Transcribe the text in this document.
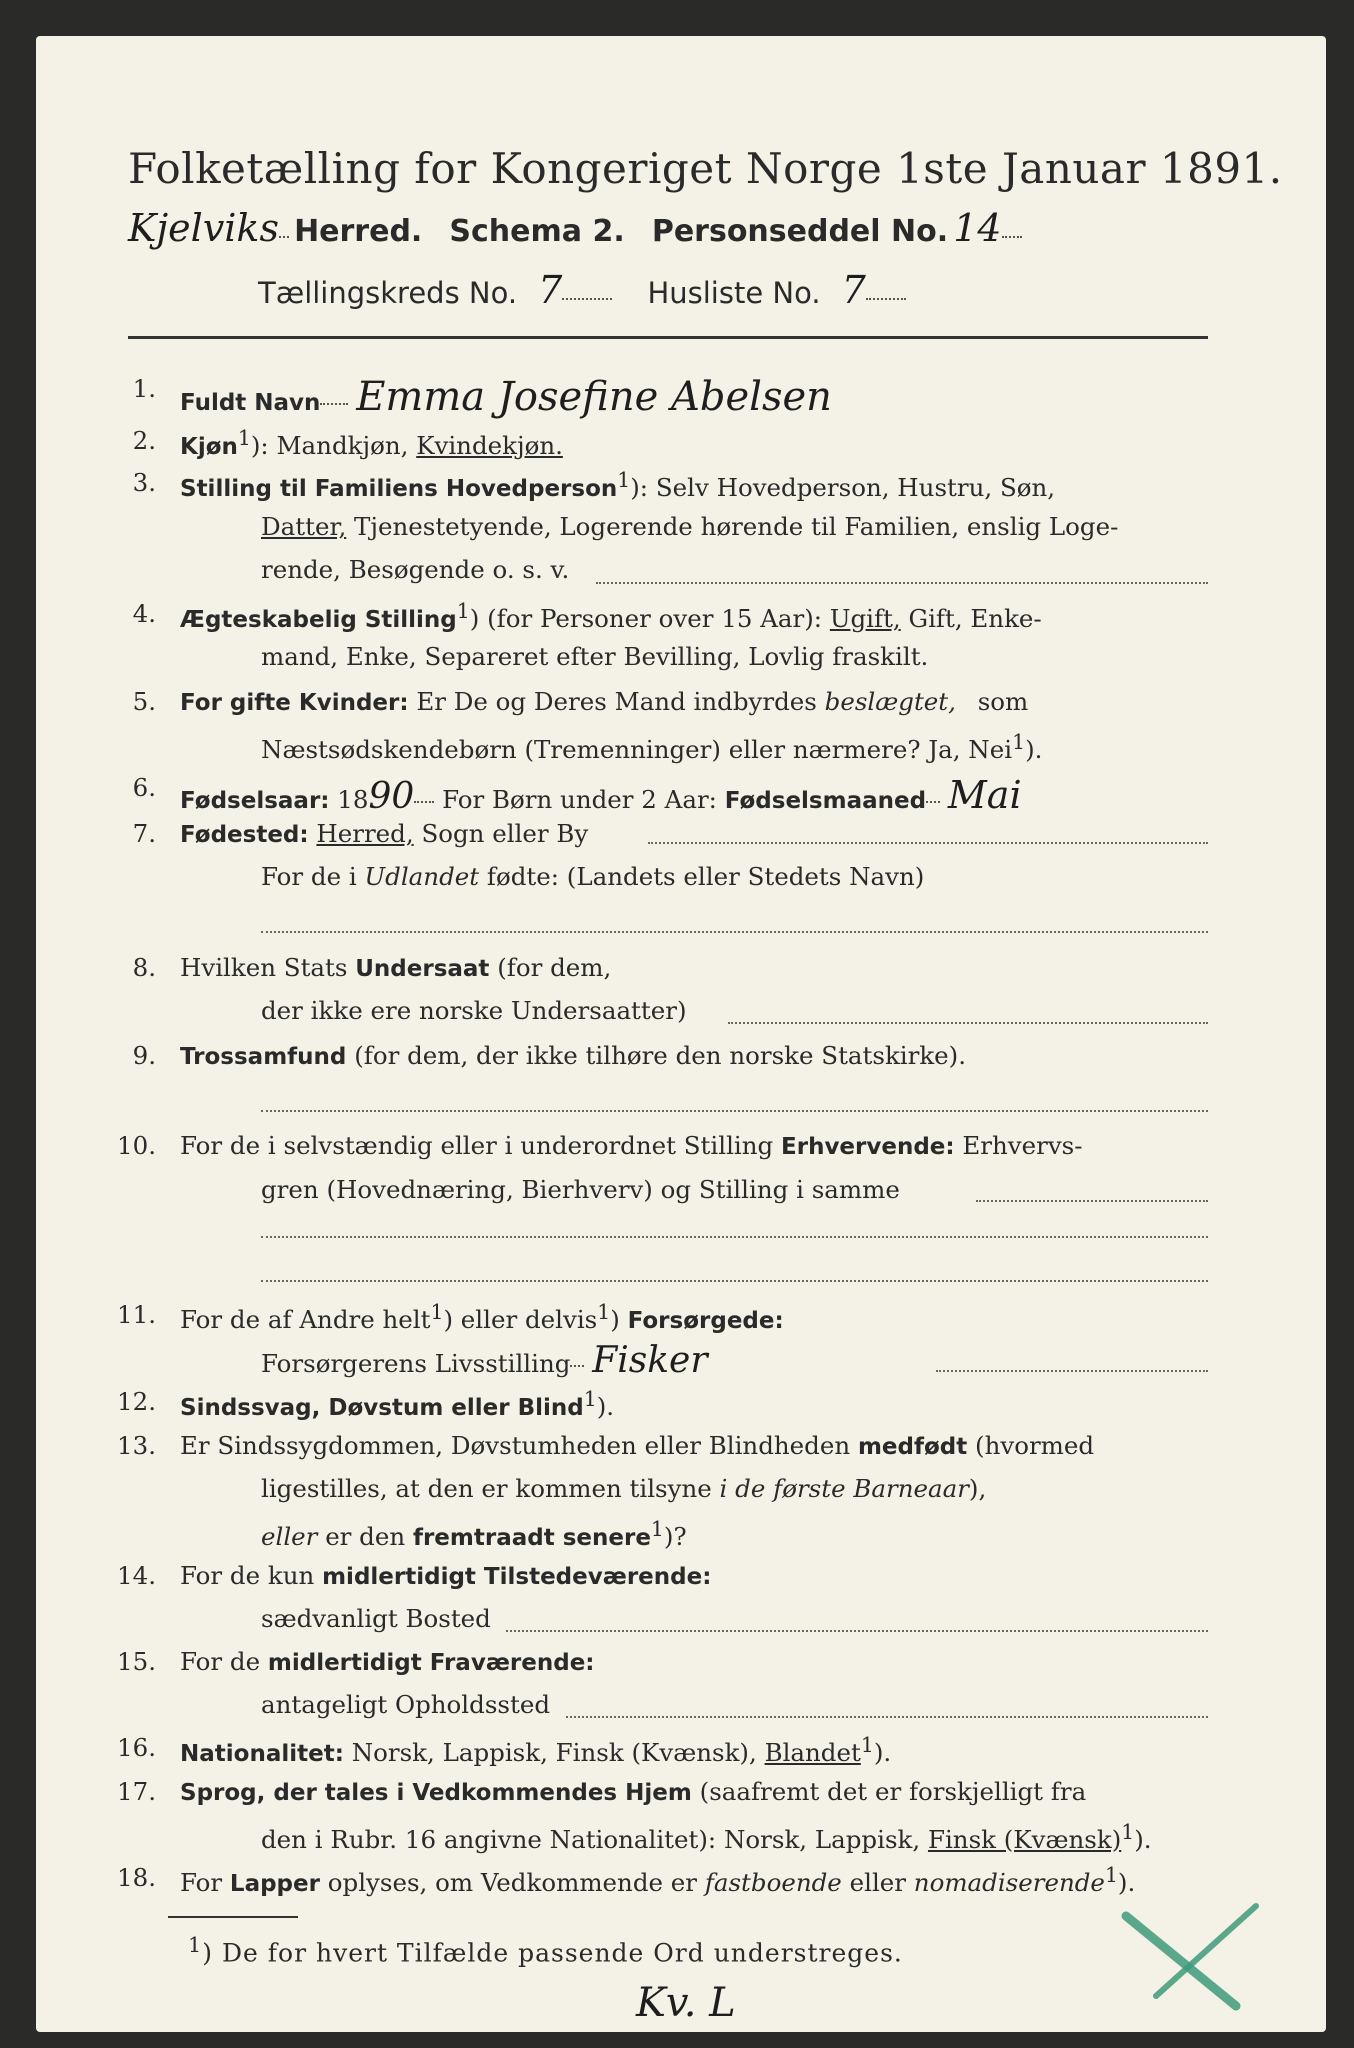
Folketælling for Kongeriget Norge 1ste Januar 1891.
Kjelviks Herred. Schema 2. Personseddel No. 14
Tællingskreds No. 7	Husliste No. 7
1. Fuldt Navn Emma Josefine Abelsen
2. Kjøn$^1$): Mandkjøn, Kvindekjøn.
3. Stilling til Familiens Hovedperson$^1$): Selv Hovedperson, Hustru, Søn,
Datter, Tjenestetyende, Logerende hørende til Familien, enslig Loge-
rende, Besøgende o. s. v.
4. Ægteskabelig Stilling$^1$) (for Personer over 15 Aar): Ugift, Gift, Enke-
mand, Enke, Separeret efter Bevilling, Lovlig fraskilt.
5. For gifte Kvinder: Er De og Deres Mand indbyrdes beslægtet, som
Næstsødskendebørn (Tremenninger) eller nærmere? Ja, Nei$^1$).
6. Fødselsaar: 1890 For Børn under 2 Aar: Fødselsmaaned Mai
7. Fødested: Herred, Sogn eller By
For de i Udlandet fødte: (Landets eller Stedets Navn)
8. Hvilken Stats Undersaat (for dem,
der ikke ere norske Undersaatter)
9. Trossamfund (for dem, der ikke tilhøre den norske Statskirke).
10. For de i selvstændig eller i underordnet Stilling Erhvervende: Erhvervs-
gren (Hovednæring, Bierhverv) og Stilling i samme
11. For de af Andre helt$^1$) eller delvis$^1$) Forsørgede:
Forsørgerens Livsstilling Fisker
12. Sindssvag, Døvstum eller Blind$^1$).
13. Er Sindssygdommen, Døvstumheden eller Blindheden medfødt (hvormed
ligestilles, at den er kommen tilsyne i de første Barneaar),
eller er den fremtraadt senere$^1$)?
14. For de kun midlertidigt Tilstedeværende:
sædvanligt Bosted
15. For de midlertidigt Fraværende:
antageligt Opholdssted
16. Nationalitet: Norsk, Lappisk, Finsk (Kvænsk), Blandet$^1$).
17. Sprog, der tales i Vedkommendes Hjem (saafremt det er forskjelligt fra
den i Rubr. 16 angivne Nationalitet): Norsk, Lappisk, Finsk (Kvænsk)$^1$).
18. For Lapper oplyses, om Vedkommende er fastboende eller nomadiserende$^1$).
$^1$) De for hvert Tilfælde passende Ord understreges.
Kv. L
